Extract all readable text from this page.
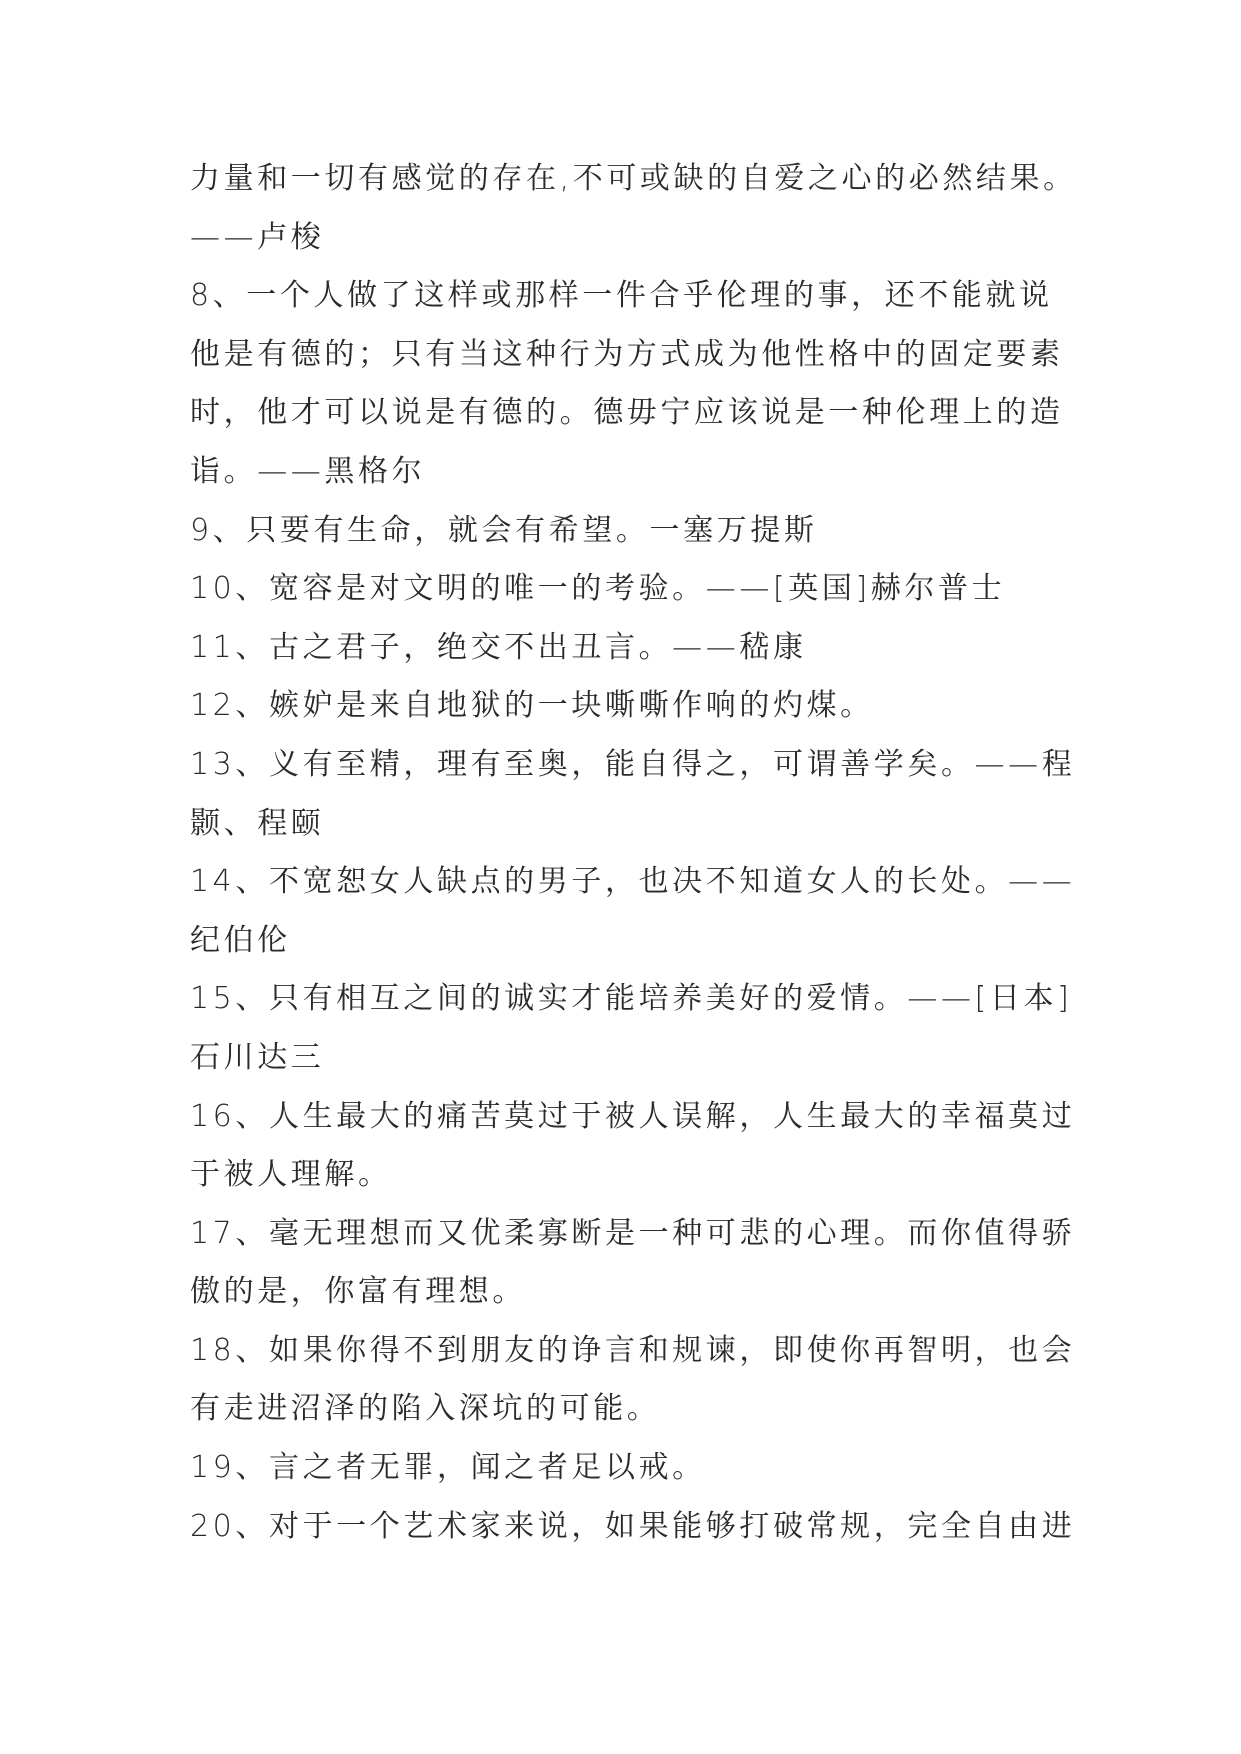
力量和一切有感觉的存在,不可或缺的自爱之心的必然结果。
——卢梭
8、一个人做了这样或那样一件合乎伦理的事，还不能就说
他是有德的；只有当这种行为方式成为他性格中的固定要素
时，他才可以说是有德的。德毋宁应该说是一种伦理上的造
诣。——黑格尔
9、只要有生命，就会有希望。一塞万提斯
10、宽容是对文明的唯一的考验。——[英国]赫尔普士
11、古之君子，绝交不出丑言。——嵇康
12、嫉妒是来自地狱的一块嘶嘶作响的灼煤。
13、义有至精，理有至奥，能自得之，可谓善学矣。——程
颢、程颐
14、不宽恕女人缺点的男子，也决不知道女人的长处。——
纪伯伦
15、只有相互之间的诚实才能培养美好的爱情。——[日本]
石川达三
16、人生最大的痛苦莫过于被人误解，人生最大的幸福莫过
于被人理解。
17、毫无理想而又优柔寡断是一种可悲的心理。而你值得骄
傲的是，你富有理想。
18、如果你得不到朋友的诤言和规谏，即使你再智明，也会
有走进沼泽的陷入深坑的可能。
19、言之者无罪，闻之者足以戒。
20、对于一个艺术家来说，如果能够打破常规，完全自由进
